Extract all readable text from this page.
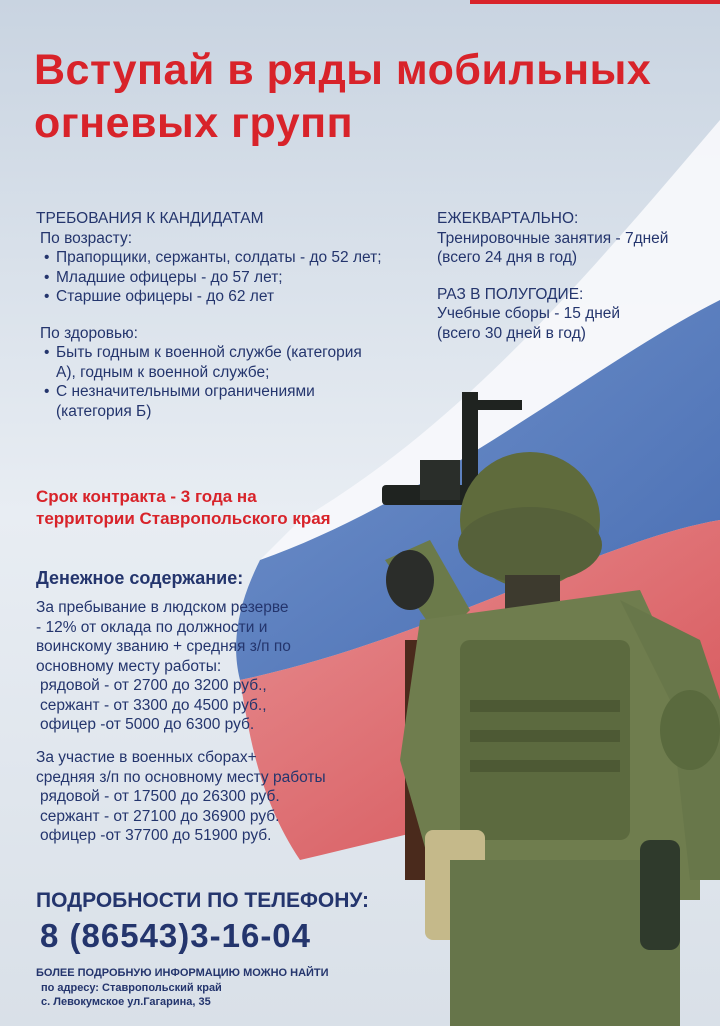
Вступай в ряды мобильных
огневых групп
ТРЕБОВАНИЯ К КАНДИДАТАМ
По возрасту:
• Прапорщики, сержанты, солдаты - до 52 лет;
• Младшие офицеры - до 57 лет;
• Старшие офицеры - до 62 лет
По здоровью:
• Быть годным к военной службе (категория А), годным к военной службе;
• С незначительными ограничениями (категория Б)
ЕЖЕКВАРТАЛЬНО:
Тренировочные занятия - 7дней
(всего 24 дня в год)
РАЗ В ПОЛУГОДИЕ:
Учебные сборы - 15 дней
(всего 30 дней в год)
Срок контракта - 3 года на
территории Ставропольского края
Денежное содержание:
За пребывание в людском резерве
- 12% от оклада по должности и
воинскому званию + средняя з/п по
основному месту работы:
рядовой - от 2700 до 3200 руб.,
сержант - от 3300 до 4500 руб.,
офицер -от 5000 до 6300 руб.
За участие в военных сборах+
средняя з/п по основному месту работы
рядовой - от 17500 до 26300 руб.
сержант - от 27100 до 36900 руб.
офицер -от 37700 до 51900 руб.
ПОДРОБНОСТИ ПО ТЕЛЕФОНУ:
8 (86543)3-16-04
БОЛЕЕ ПОДРОБНУЮ ИНФОРМАЦИЮ МОЖНО НАЙТИ
по адресу: Ставропольский край
с. Левокумское ул.Гагарина, 35
